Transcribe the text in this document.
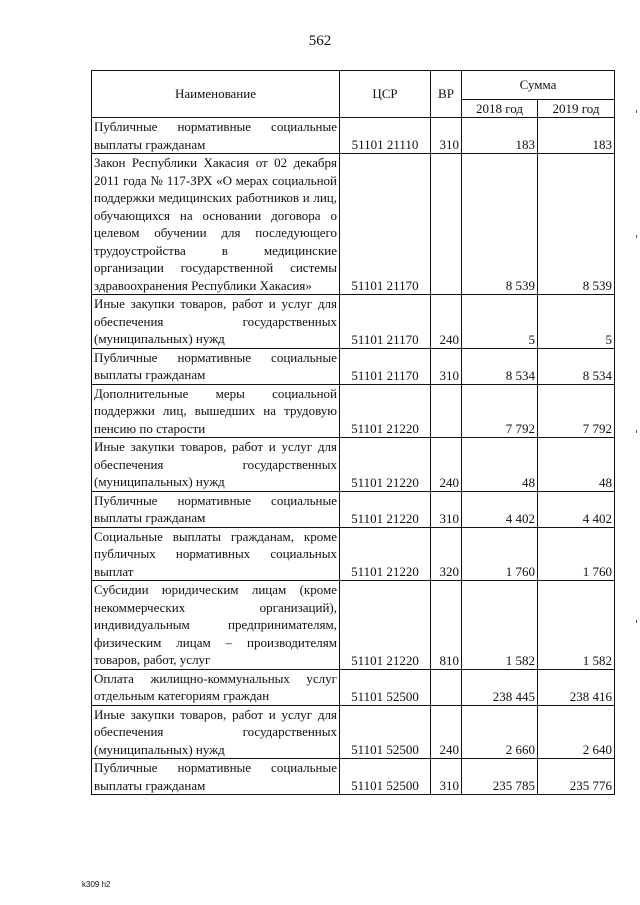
562
Наименование	ЦСР	ВР	Сумма	
			2018 год	2019 год
Публичные нормативные социальные выплаты гражданам	51101 21110	310	183	183
Закон Республики Хакасия от 02 декабря 2011 года № 117-ЗРХ «О мерах социальной поддержки медицинских работников и лиц, обучающихся на основании договора о целевом обучении для последующего трудоустройства в медицинские организации государственной системы здравоохранения Республики Хакасия»	51101 21170		8 539	8 539
Иные закупки товаров, работ и услуг для обеспечения государственных (муниципальных) нужд	51101 21170	240	5	5
Публичные нормативные социальные выплаты гражданам	51101 21170	310	8 534	8 534
Дополнительные меры социальной поддержки лиц, вышедших на трудовую пенсию по старости	51101 21220		7 792	7 792
Иные закупки товаров, работ и услуг для обеспечения государственных (муниципальных) нужд	51101 21220	240	48	48
Публичные нормативные социальные выплаты гражданам	51101 21220	310	4 402	4 402
Социальные выплаты гражданам, кроме публичных нормативных социальных выплат	51101 21220	320	1 760	1 760
Субсидии юридическим лицам (кроме некоммерческих организаций), индивидуальным предпринимателям, физическим лицам – производителям товаров, работ, услуг	51101 21220	810	1 582	1 582
Оплата жилищно-коммунальных услуг отдельным категориям граждан	51101 52500		238 445	238 416
Иные закупки товаров, работ и услуг для обеспечения государственных (муниципальных) нужд	51101 52500	240	2 660	2 640
Публичные нормативные социальные выплаты гражданам	51101 52500	310	235 785	235 776
k309 h2
